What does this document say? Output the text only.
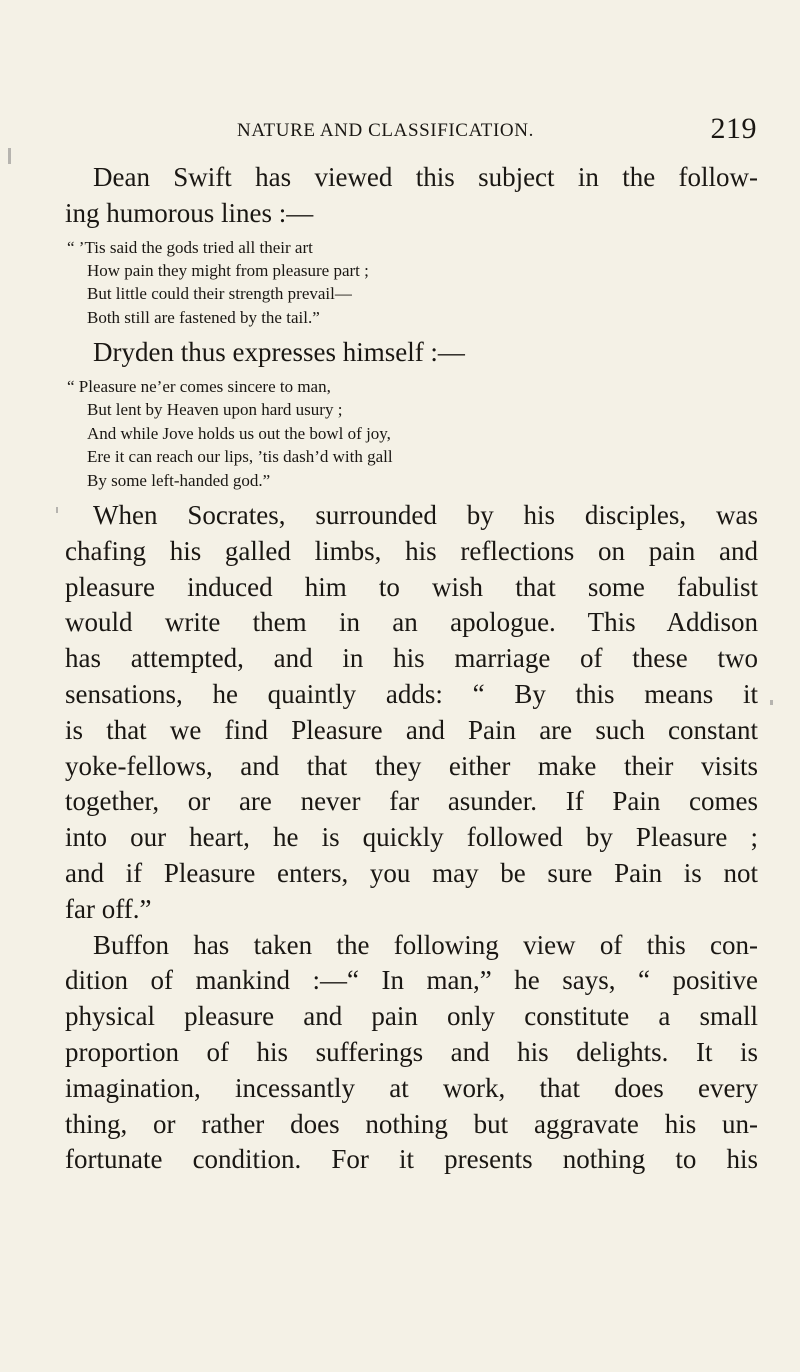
NATURE AND CLASSIFICATION.	219

Dean Swift has viewed this subject in the follow-
ing humorous lines :—

“ ’Tis said the gods tried all their art
How pain they might from pleasure part ;
But little could their strength prevail—
Both still are fastened by the tail.”

Dryden thus expresses himself :—

“ Pleasure ne’er comes sincere to man,
But lent by Heaven upon hard usury ;
And while Jove holds us out the bowl of joy,
Ere it can reach our lips, ’tis dash’d with gall
By some left-handed god.”

When Socrates, surrounded by his disciples, was
chafing his galled limbs, his reflections on pain and
pleasure induced him to wish that some fabulist
would write them in an apologue. This Addison
has attempted, and in his marriage of these two
sensations, he quaintly adds: “ By this means it
is that we find Pleasure and Pain are such constant
yoke-fellows, and that they either make their visits
together, or are never far asunder. If Pain comes
into our heart, he is quickly followed by Pleasure ;
and if Pleasure enters, you may be sure Pain is not
far off.”

Buffon has taken the following view of this con-
dition of mankind :—“ In man,” he says, “ positive
physical pleasure and pain only constitute a small
proportion of his sufferings and his delights. It is
imagination, incessantly at work, that does every
thing, or rather does nothing but aggravate his un-
fortunate condition. For it presents nothing to his
